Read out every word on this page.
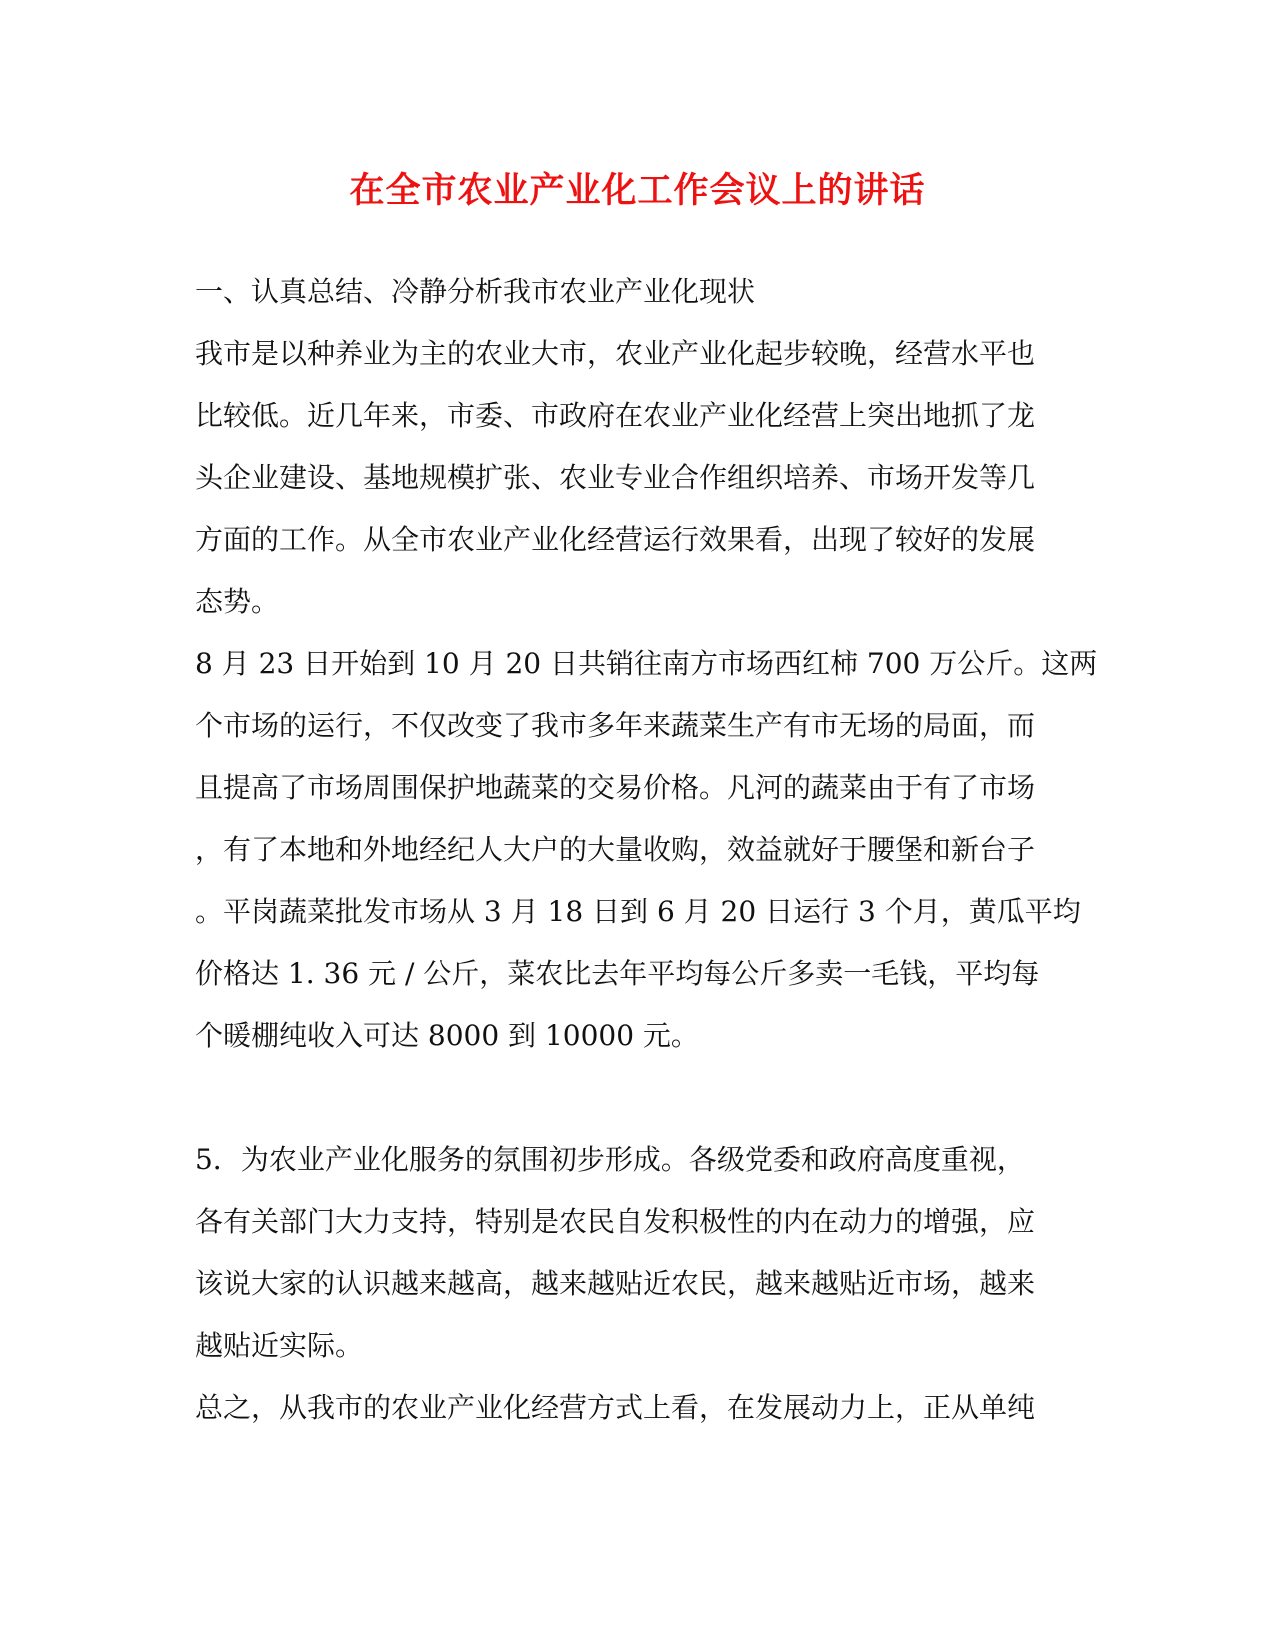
在全市农业产业化工作会议上的讲话
一、认真总结、冷静分析我市农业产业化现状
我市是以种养业为主的农业大市，农业产业化起步较晚，经营水平也
比较低。近几年来，市委、市政府在农业产业化经营上突出地抓了龙
头企业建设、基地规模扩张、农业专业合作组织培养、市场开发等几
方面的工作。从全市农业产业化经营运行效果看，出现了较好的发展
态势。
8 月 23 日开始到 10 月 20 日共销往南方市场西红柿 700 万公斤。这两
个市场的运行，不仅改变了我市多年来蔬菜生产有市无场的局面，而
且提高了市场周围保护地蔬菜的交易价格。凡河的蔬菜由于有了市场
，有了本地和外地经纪人大户的大量收购，效益就好于腰堡和新台子
。平岗蔬菜批发市场从 3 月 18 日到 6 月 20 日运行 3 个月，黄瓜平均
价格达 1. 36 元 / 公斤，菜农比去年平均每公斤多卖一毛钱，平均每
个暖棚纯收入可达 8000 到 10000 元。
5．为农业产业化服务的氛围初步形成。各级党委和政府高度重视，
各有关部门大力支持，特别是农民自发积极性的内在动力的增强，应
该说大家的认识越来越高，越来越贴近农民，越来越贴近市场，越来
越贴近实际。
总之，从我市的农业产业化经营方式上看，在发展动力上，正从单纯
